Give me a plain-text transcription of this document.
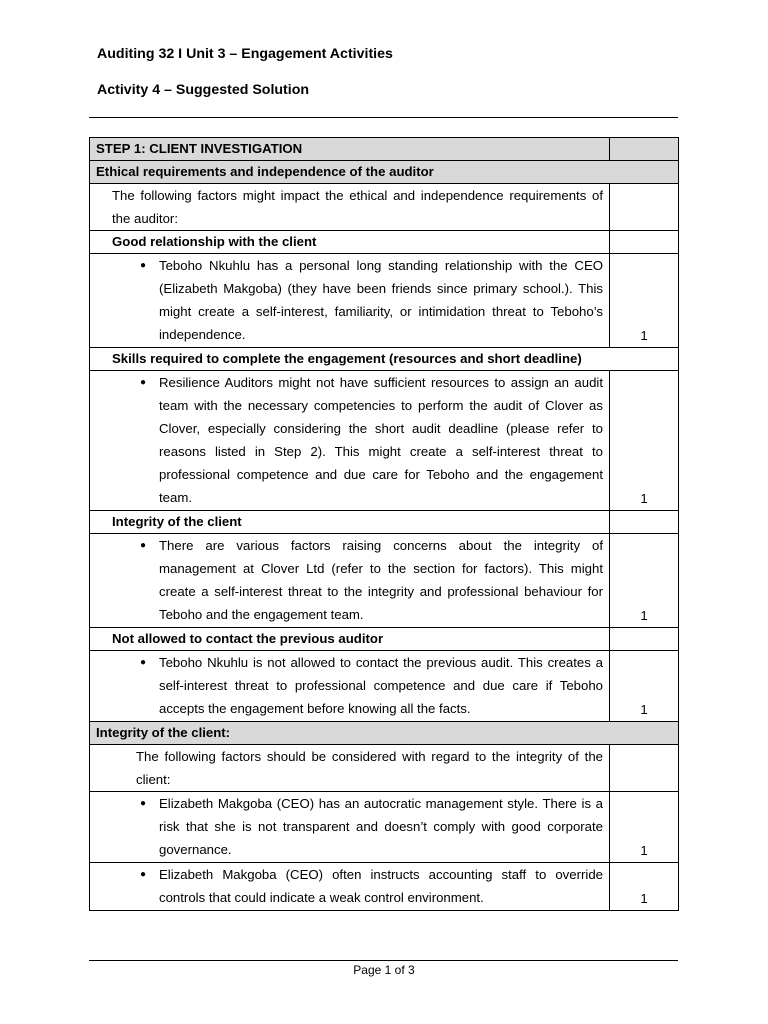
Auditing 32 I Unit 3 – Engagement Activities
Activity 4 – Suggested Solution
STEP 1: CLIENT INVESTIGATION	
Ethical requirements and independence of the auditor	
The following factors might impact the ethical and independence requirements of the auditor:	
Good relationship with the client	

● Teboho Nkuhlu has a personal long standing relationship with the CEO (Elizabeth Makgoba) (they have been friends since primary school.). This might create a self-interest, familiarity, or intimidation threat to Teboho’s independence.	1
Skills required to complete the engagement (resources and short deadline)	

● Resilience Auditors might not have sufficient resources to assign an audit team with the necessary competencies to perform the audit of Clover as Clover, especially considering the short audit deadline (please refer to reasons listed in Step 2). This might create a self-interest threat to professional competence and due care for Teboho and the engagement team.	1
Integrity of the client	

● There are various factors raising concerns about the integrity of management at Clover Ltd (refer to the section for factors). This might create a self-interest threat to the integrity and professional behaviour for Teboho and the engagement team.	1
Not allowed to contact the previous auditor	

● Teboho Nkuhlu is not allowed to contact the previous audit. This creates a self-interest threat to professional competence and due care if Teboho accepts the engagement before knowing all the facts.	1
Integrity of the client:	
The following factors should be considered with regard to the integrity of the client:	

● Elizabeth Makgoba (CEO) has an autocratic management style. There is a risk that she is not transparent and doesn’t comply with good corporate governance.	1

● Elizabeth Makgoba (CEO) often instructs accounting staff to override controls that could indicate a weak control environment.	1
Page 1 of 3
